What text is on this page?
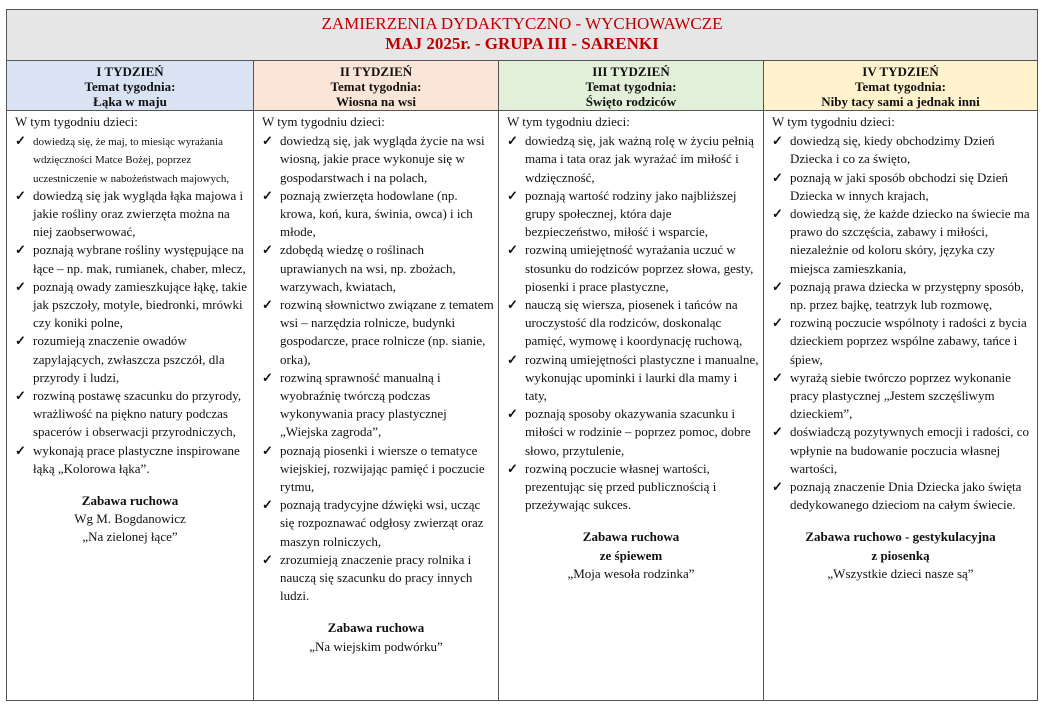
ZAMIERZENIA DYDAKTYCZNO - WYCHOWAWCZE
MAJ 2025r. - GRUPA III - SARENKI
I TYDZIEŃ
Temat tygodnia:
Łąka w maju
W tym tygodniu dzieci:
✓ dowiedzą się, że maj, to miesiąc wyrażania wdzięczności Matce Bożej, poprzez uczestniczenie w nabożeństwach majowych,
✓ dowiedzą się jak wygląda łąka majowa i jakie rośliny oraz zwierzęta można na niej zaobserwować,
✓ poznają wybrane rośliny występujące na łące – np. mak, rumianek, chaber, mlecz,
✓ poznają owady zamieszkujące łąkę, takie jak pszczoły, motyle, biedronki, mrówki czy koniki polne,
✓ rozumieją znaczenie owadów zapylających, zwłaszcza pszczół, dla przyrody i ludzi,
✓ rozwiną postawę szacunku do przyrody, wrażliwość na piękno natury podczas spacerów i obserwacji przyrodniczych,
✓ wykonają prace plastyczne inspirowane łąką „Kolorowa łąka”.
Zabawa ruchowa
Wg M. Bogdanowicz
„Na zielonej łące”
II TYDZIEŃ
Temat tygodnia:
Wiosna na wsi
W tym tygodniu dzieci:
✓ dowiedzą się, jak wygląda życie na wsi wiosną, jakie prace wykonuje się w gospodarstwach i na polach,
✓ poznają zwierzęta hodowlane (np. krowa, koń, kura, świnia, owca) i ich młode,
✓ zdobędą wiedzę o roślinach uprawianych na wsi, np. zbożach, warzywach, kwiatach,
✓ rozwiną słownictwo związane z tematem wsi – narzędzia rolnicze, budynki gospodarcze, prace rolnicze (np. sianie, orka),
✓ rozwiną sprawność manualną i wyobraźnię twórczą podczas wykonywania pracy plastycznej „Wiejska zagroda”,
✓ poznają piosenki i wiersze o tematyce wiejskiej, rozwijając pamięć i poczucie rytmu,
✓ poznają tradycyjne dźwięki wsi, ucząc się rozpoznawać odgłosy zwierząt oraz maszyn rolniczych,
✓ zrozumieją znaczenie pracy rolnika i nauczą się szacunku do pracy innych ludzi.
Zabawa ruchowa
„Na wiejskim podwórku”
III TYDZIEŃ
Temat tygodnia:
Święto rodziców
W tym tygodniu dzieci:
✓ dowiedzą się, jak ważną rolę w życiu pełnią mama i tata oraz jak wyrażać im miłość i wdzięczność,
✓ poznają wartość rodziny jako najbliższej grupy społecznej, która daje bezpieczeństwo, miłość i wsparcie,
✓ rozwiną umiejętność wyrażania uczuć w stosunku do rodziców poprzez słowa, gesty, piosenki i prace plastyczne,
✓ nauczą się wiersza, piosenek i tańców na uroczystość dla rodziców, doskonaląc pamięć, wymowę i koordynację ruchową,
✓ rozwiną umiejętności plastyczne i manualne, wykonując upominki i laurki dla mamy i taty,
✓ poznają sposoby okazywania szacunku i miłości w rodzinie – poprzez pomoc, dobre słowo, przytulenie,
✓ rozwiną poczucie własnej wartości, prezentując się przed publicznością i przeżywając sukces.
Zabawa ruchowa
ze śpiewem
„Moja wesoła rodzinka”
IV TYDZIEŃ
Temat tygodnia:
Niby tacy sami a jednak inni
W tym tygodniu dzieci:
✓ dowiedzą się, kiedy obchodzimy Dzień Dziecka i co za święto,
✓ poznają w jaki sposób obchodzi się Dzień Dziecka w innych krajach,
✓ dowiedzą się, że każde dziecko na świecie ma prawo do szczęścia, zabawy i miłości, niezależnie od koloru skóry, języka czy miejsca zamieszkania,
✓ poznają prawa dziecka w przystępny sposób, np. przez bajkę, teatrzyk lub rozmowę,
✓ rozwiną poczucie wspólnoty i radości z bycia dzieckiem poprzez wspólne zabawy, tańce i śpiew,
✓ wyrażą siebie twórczo poprzez wykonanie pracy plastycznej „Jestem szczęśliwym dzieckiem”,
✓ doświadczą pozytywnych emocji i radości, co wpłynie na budowanie poczucia własnej wartości,
✓ poznają znaczenie Dnia Dziecka jako święta dedykowanego dzieciom na całym świecie.
Zabawa ruchowo - gestykulacyjna
z piosenką
„Wszystkie dzieci nasze są”
